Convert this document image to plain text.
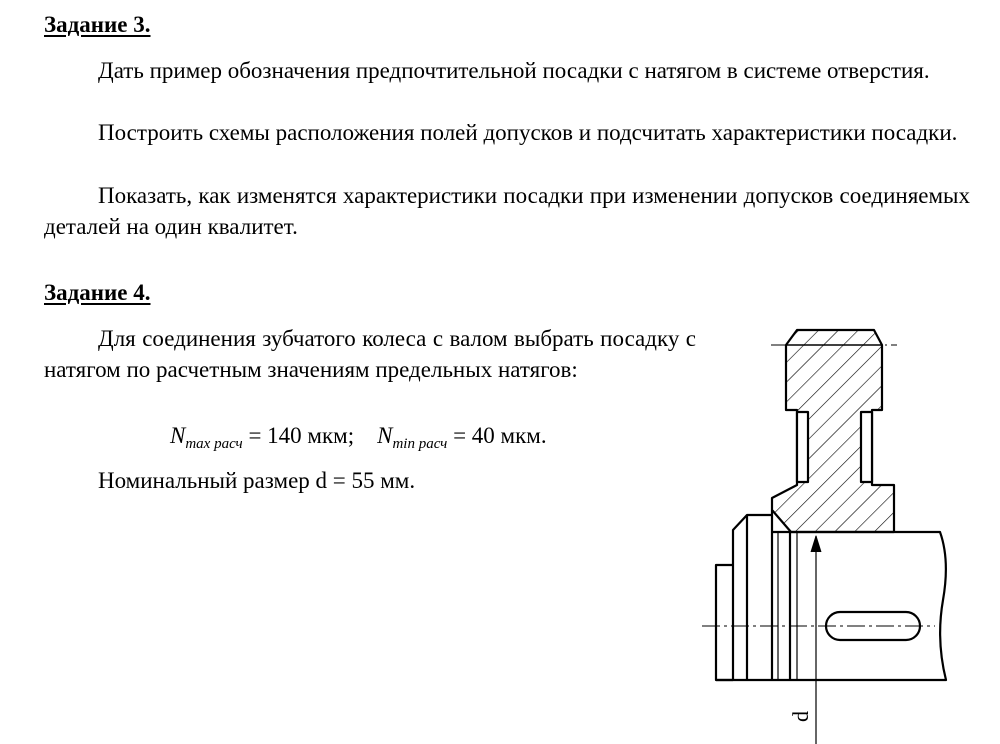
Задание 3.

Дать пример обозначения предпочтительной посадки с натягом в системе отверстия.

Построить схемы расположения полей допусков и подсчитать характеристики посадки.

Показать, как изменятся характеристики посадки при изменении допусков соединяемых деталей на один квалитет.

Задание 4.

Для соединения зубчатого колеса с валом выбрать посадку с натягом по расчетным значениям предельных натягов:

$N_{max расч} = 140$ мкм; $N_{min расч} = 40$ мкм.

Номинальный размер d = 55 мм.

d
